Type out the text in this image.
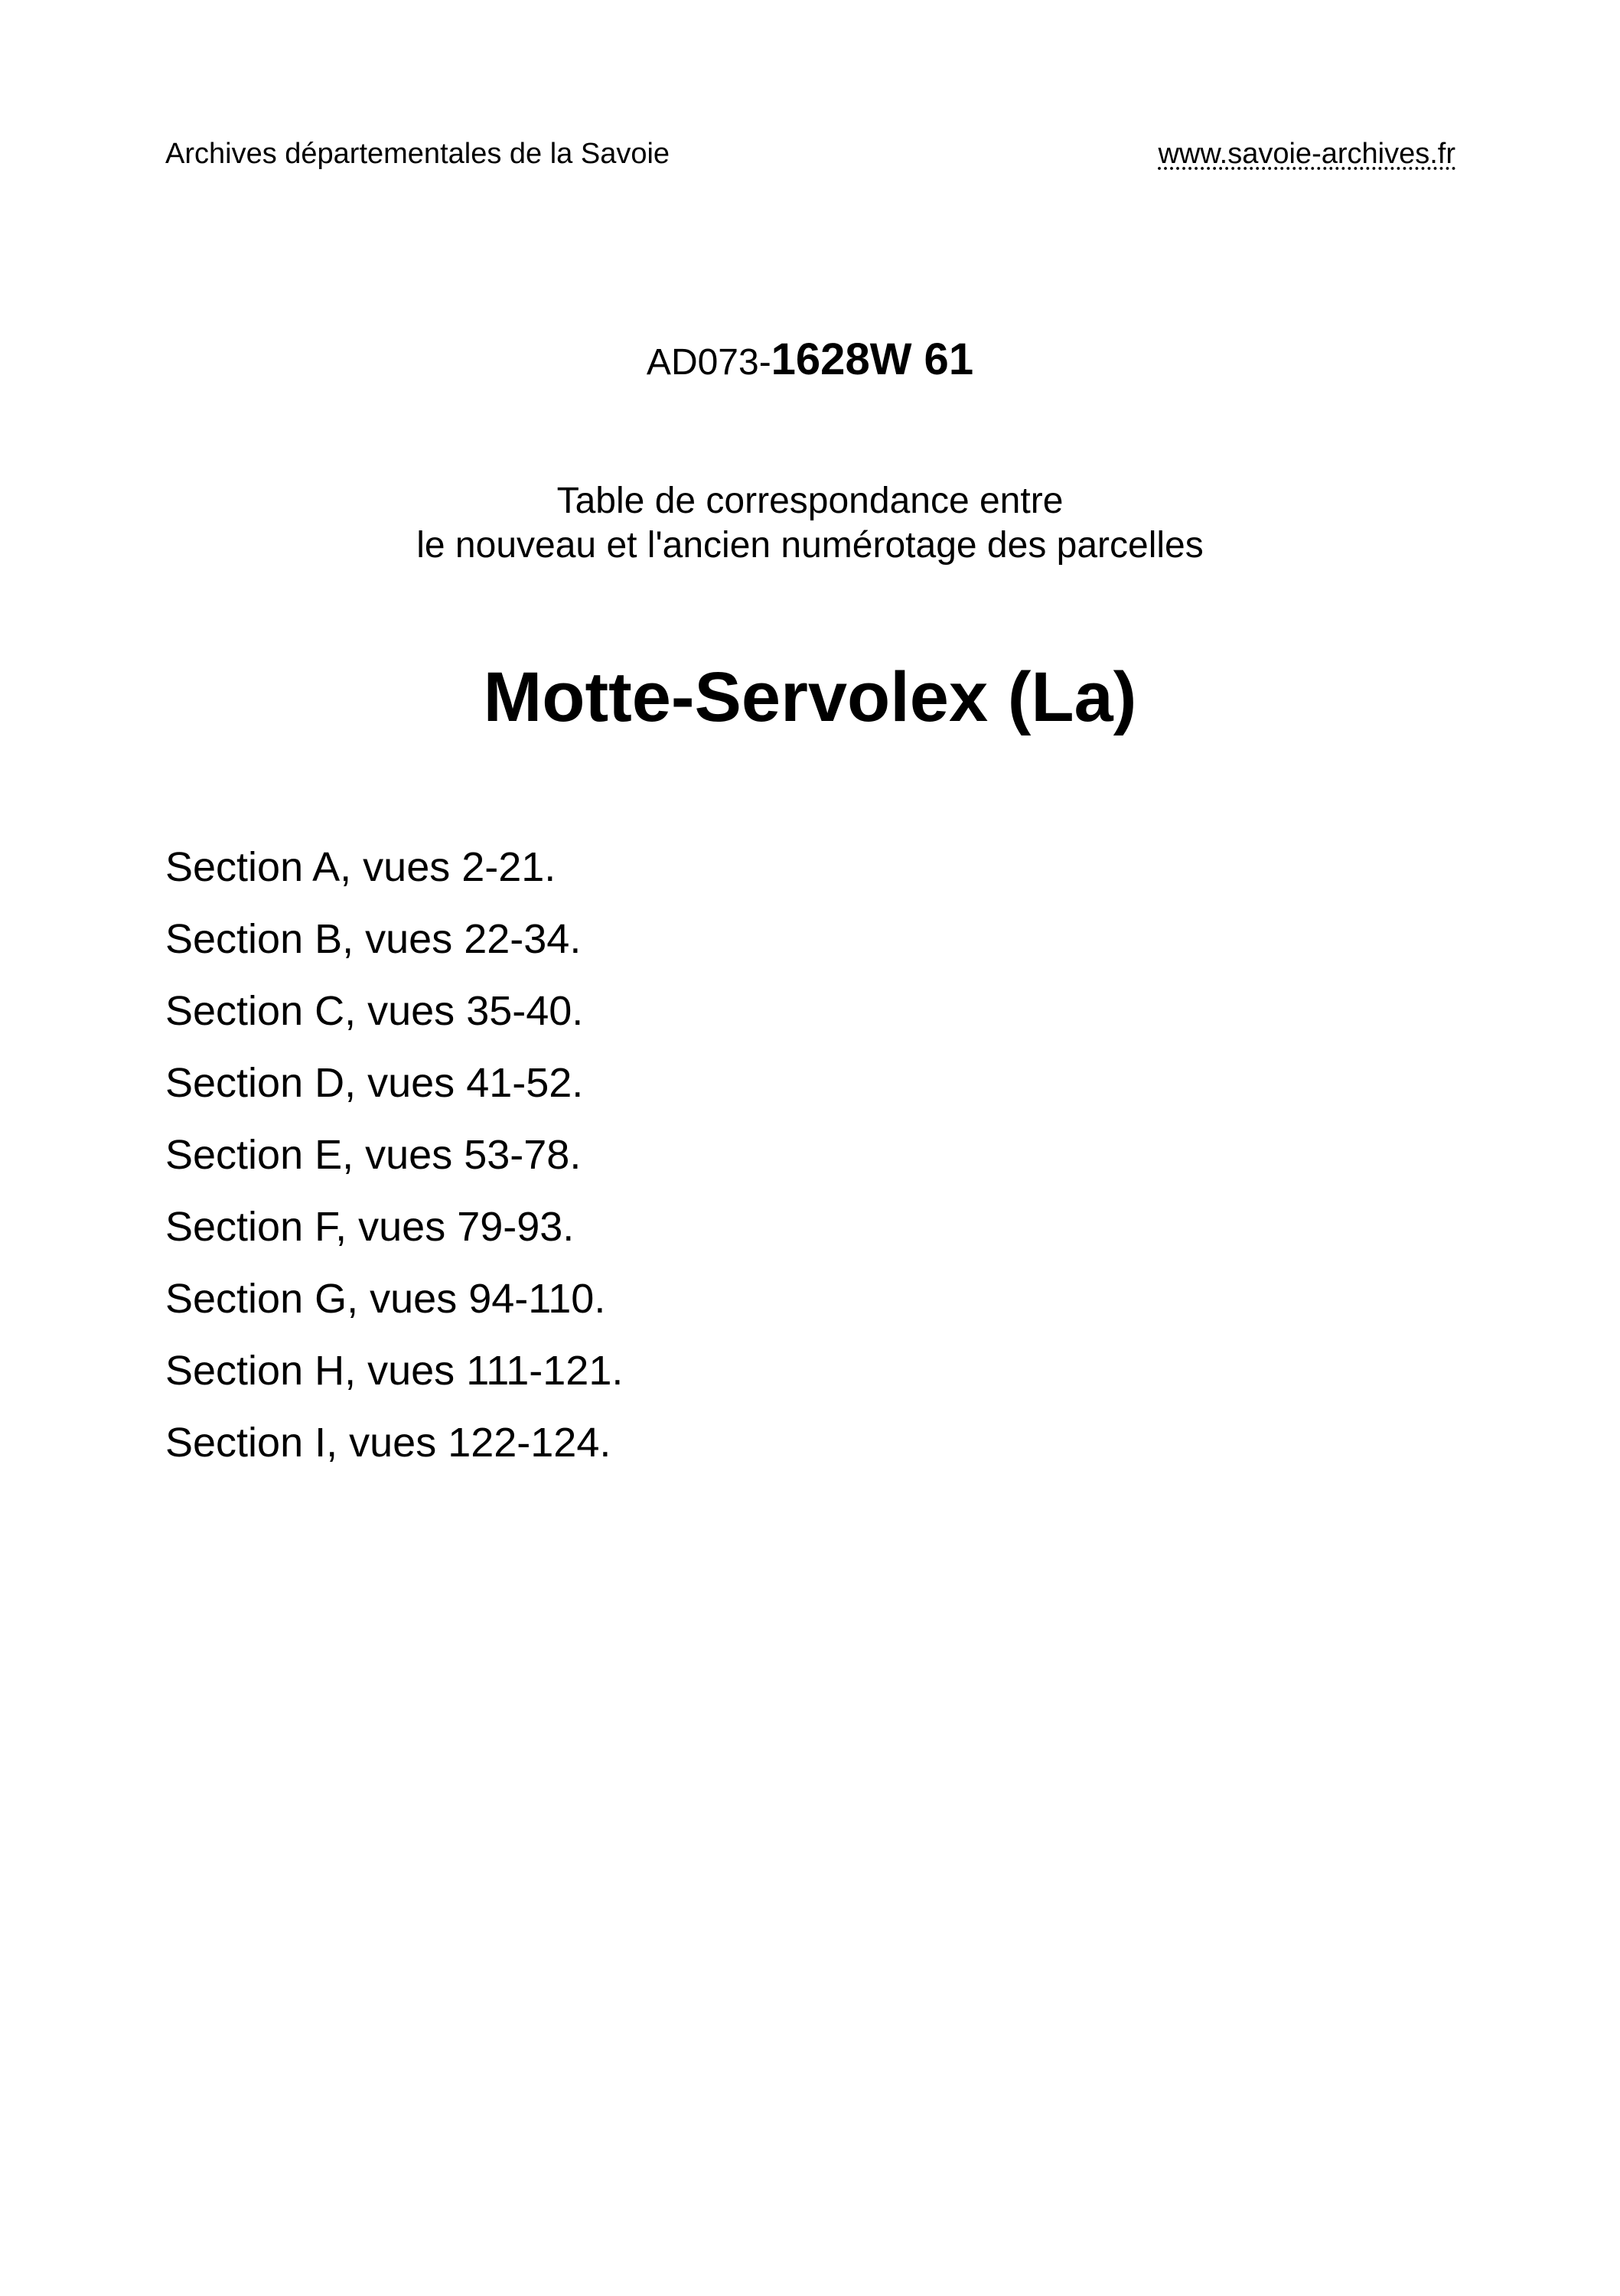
Archives départementales de la Savoie	www.savoie-archives.fr
AD073-1628W 61
Table de correspondance entre
le nouveau et l'ancien numérotage des parcelles
Motte-Servolex (La)
Section A, vues 2-21.
Section B, vues 22-34.
Section C, vues 35-40.
Section D, vues 41-52.
Section E, vues 53-78.
Section F, vues 79-93.
Section G, vues 94-110.
Section H, vues 111-121.
Section I, vues 122-124.
